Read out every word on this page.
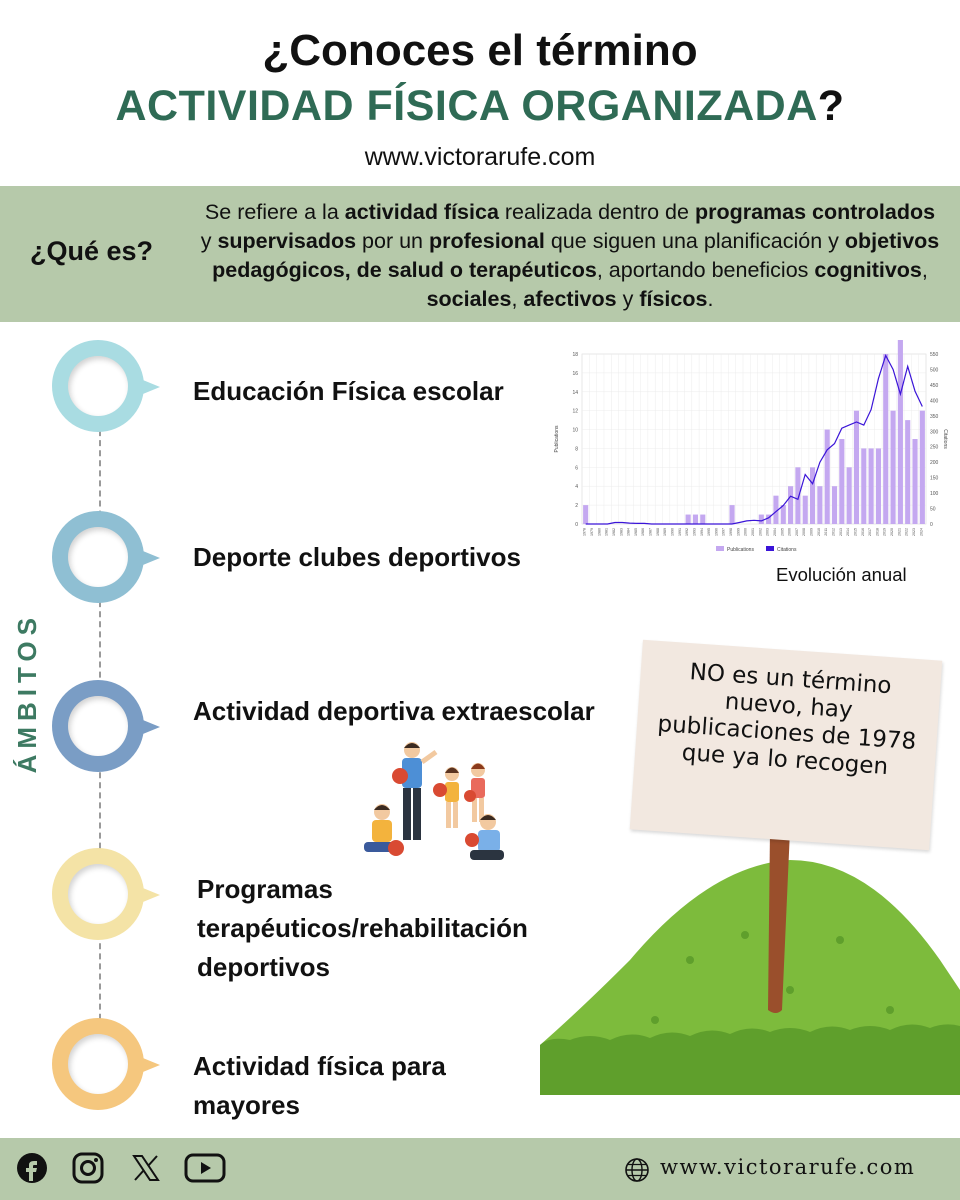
¿Conoces el término
ACTIVIDAD FÍSICA ORGANIZADA?
www.victorarufe.com
¿Qué es?
Se refiere a la actividad física realizada dentro de programas controlados y supervisados por un profesional que siguen una planificación y objetivos pedagógicos, de salud o terapéuticos, aportando beneficios cognitivos, sociales, afectivos y físicos.
ÁMBITOS
Educación Física escolar
Deporte clubes deportivos
Actividad deportiva extraescolar
Programas terapéuticos/rehabilitación deportivos
Actividad física para mayores
0
2
4
6
8
10
12
14
16
18
0
50
100
150
200
250
300
350
400
450
500
550
1978 1979 1980 1981 1982 1983 1984 1985 1986 1987 1988 1989 1990 1991 1992 1993 1994 1995 1996 1997 1998 1999 2000 2001 2002 2003 2004 2005 2006 2007 2008 2009 2010 2011 2012 2013 2014 2015 2016 2017 2018 2019 2020 2021 2022 2023 2024
Publications	Citations
Publications	Citations
Evolución anual
NO es un término nuevo, hay publicaciones de 1978 que ya lo recogen
www.victorarufe.com
